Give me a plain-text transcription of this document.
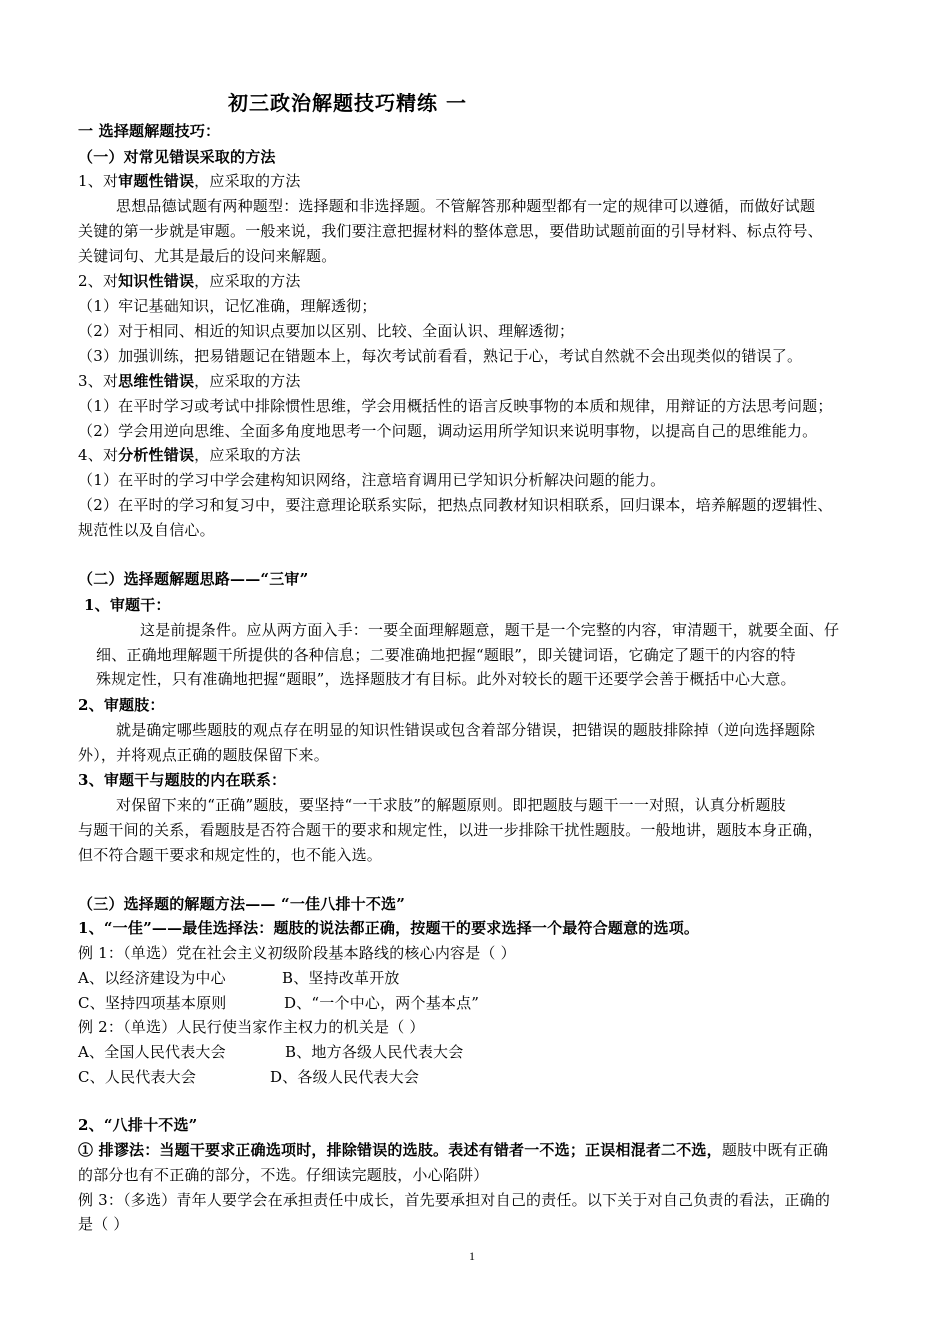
初三政治解题技巧精练 一
一 选择题解题技巧：
（一）对常见错误采取的方法
1、对审题性错误，应采取的方法
思想品德试题有两种题型：选择题和非选择题。不管解答那种题型都有一定的规律可以遵循，而做好试题
关键的第一步就是审题。一般来说，我们要注意把握材料的整体意思，要借助试题前面的引导材料、标点符号、
关键词句、尤其是最后的设问来解题。
2、对知识性错误，应采取的方法
（1）牢记基础知识，记忆准确，理解透彻；
（2）对于相同、相近的知识点要加以区别、比较、全面认识、理解透彻；
（3）加强训练，把易错题记在错题本上，每次考试前看看，熟记于心，考试自然就不会出现类似的错误了。
3、对思维性错误，应采取的方法
（1）在平时学习或考试中排除惯性思维，学会用概括性的语言反映事物的本质和规律，用辩证的方法思考问题；
（2）学会用逆向思维、全面多角度地思考一个问题，调动运用所学知识来说明事物，以提高自己的思维能力。
4、对分析性错误，应采取的方法
（1）在平时的学习中学会建构知识网络，注意培育调用已学知识分析解决问题的能力。
（2）在平时的学习和复习中，要注意理论联系实际，把热点同教材知识相联系，回归课本，培养解题的逻辑性、
规范性以及自信心。
（二）选择题解题思路——“三审”
1、审题干：
这是前提条件。应从两方面入手：一要全面理解题意，题干是一个完整的内容，审清题干，就要全面、仔
细、正确地理解题干所提供的各种信息；二要准确地把握“题眼”，即关键词语，它确定了题干的内容的特
殊规定性，只有准确地把握“题眼”，选择题肢才有目标。此外对较长的题干还要学会善于概括中心大意。
2、审题肢：
就是确定哪些题肢的观点存在明显的知识性错误或包含着部分错误，把错误的题肢排除掉（逆向选择题除
外），并将观点正确的题肢保留下来。
3、审题干与题肢的内在联系：
对保留下来的“正确”题肢，要坚持“一干求肢”的解题原则。即把题肢与题干一一对照，认真分析题肢
与题干间的关系，看题肢是否符合题干的要求和规定性，以进一步排除干扰性题肢。一般地讲，题肢本身正确，
但不符合题干要求和规定性的，也不能入选。
（三）选择题的解题方法—— “一佳八排十不选”
1、“一佳”——最佳选择法：题肢的说法都正确，按题干的要求选择一个最符合题意的选项。
例 1：（单选）党在社会主义初级阶段基本路线的核心内容是（ ）
A、以经济建设为中心	B、坚持改革开放
C、坚持四项基本原则	D、“一个中心，两个基本点”
例 2：（单选）人民行使当家作主权力的机关是（ ）
A、全国人民代表大会	B、地方各级人民代表大会
C、人民代表大会	D、各级人民代表大会
2、“八排十不选”
① 排谬法：当题干要求正确选项时，排除错误的选肢。表述有错者一不选；正误相混者二不选，题肢中既有正确
的部分也有不正确的部分，不选。仔细读完题肢，小心陷阱）
例 3：（多选）青年人要学会在承担责任中成长，首先要承担对自己的责任。以下关于对自己负责的看法，正确的
是（ ）
1
